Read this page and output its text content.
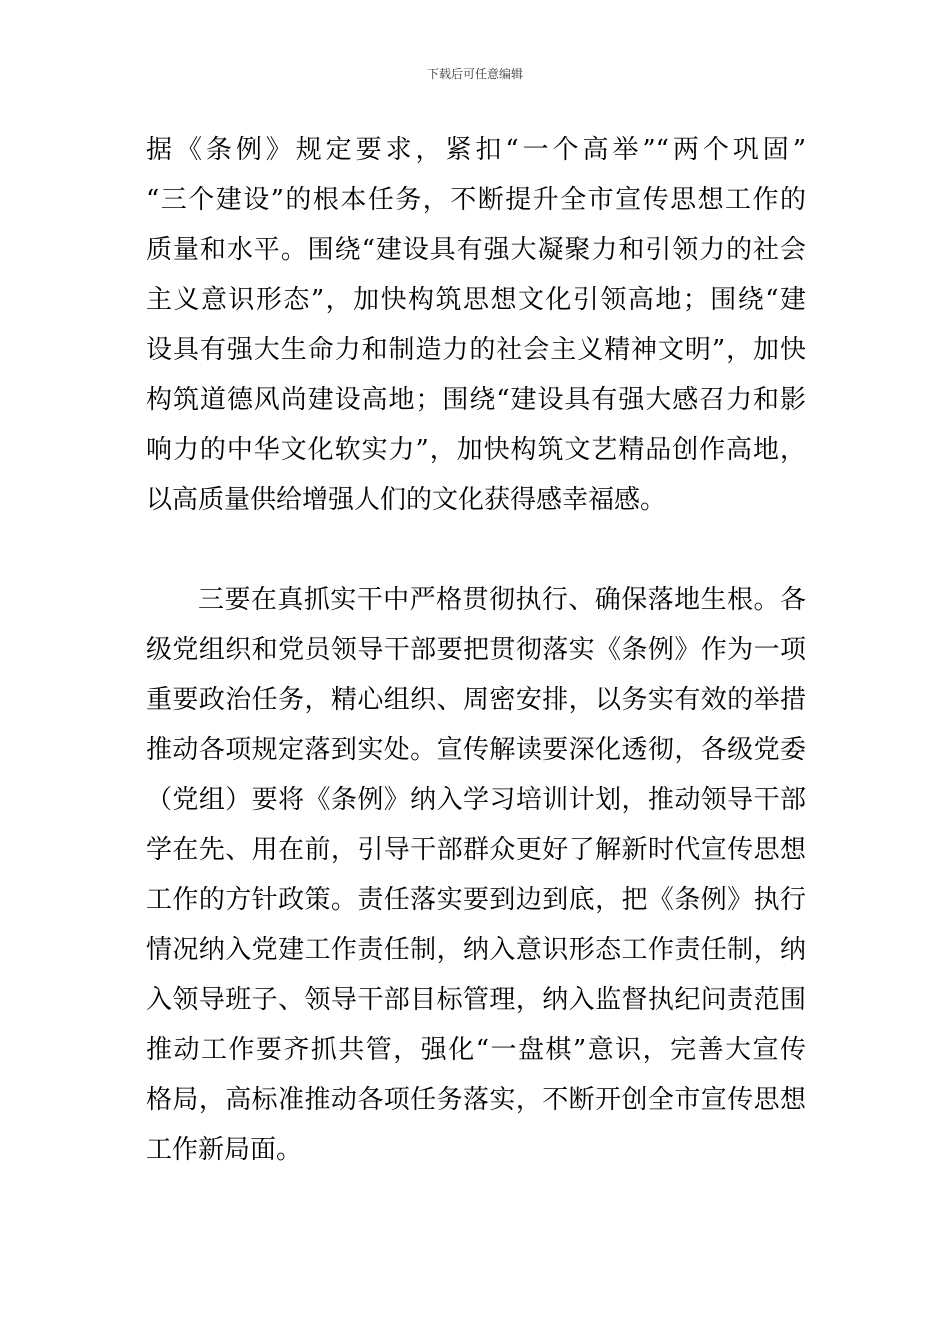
下载后可任意编辑
据《条例》规定要求，紧扣“一个高举”“两个巩固”
“三个建设”的根本任务，不断提升全市宣传思想工作的
质量和水平。围绕“建设具有强大凝聚力和引领力的社会
主义意识形态”，加快构筑思想文化引领高地；围绕“建
设具有强大生命力和制造力的社会主义精神文明”，加快
构筑道德风尚建设高地；围绕“建设具有强大感召力和影
响力的中华文化软实力”，加快构筑文艺精品创作高地，
以高质量供给增强人们的文化获得感幸福感。
三要在真抓实干中严格贯彻执行、确保落地生根。各
级党组织和党员领导干部要把贯彻落实《条例》作为一项
重要政治任务，精心组织、周密安排，以务实有效的举措
推动各项规定落到实处。宣传解读要深化透彻，各级党委
（党组）要将《条例》纳入学习培训计划，推动领导干部
学在先、用在前，引导干部群众更好了解新时代宣传思想
工作的方针政策。责任落实要到边到底，把《条例》执行
情况纳入党建工作责任制，纳入意识形态工作责任制，纳
入领导班子、领导干部目标管理，纳入监督执纪问责范围
推动工作要齐抓共管，强化“一盘棋”意识，完善大宣传
格局，高标准推动各项任务落实，不断开创全市宣传思想
工作新局面。
